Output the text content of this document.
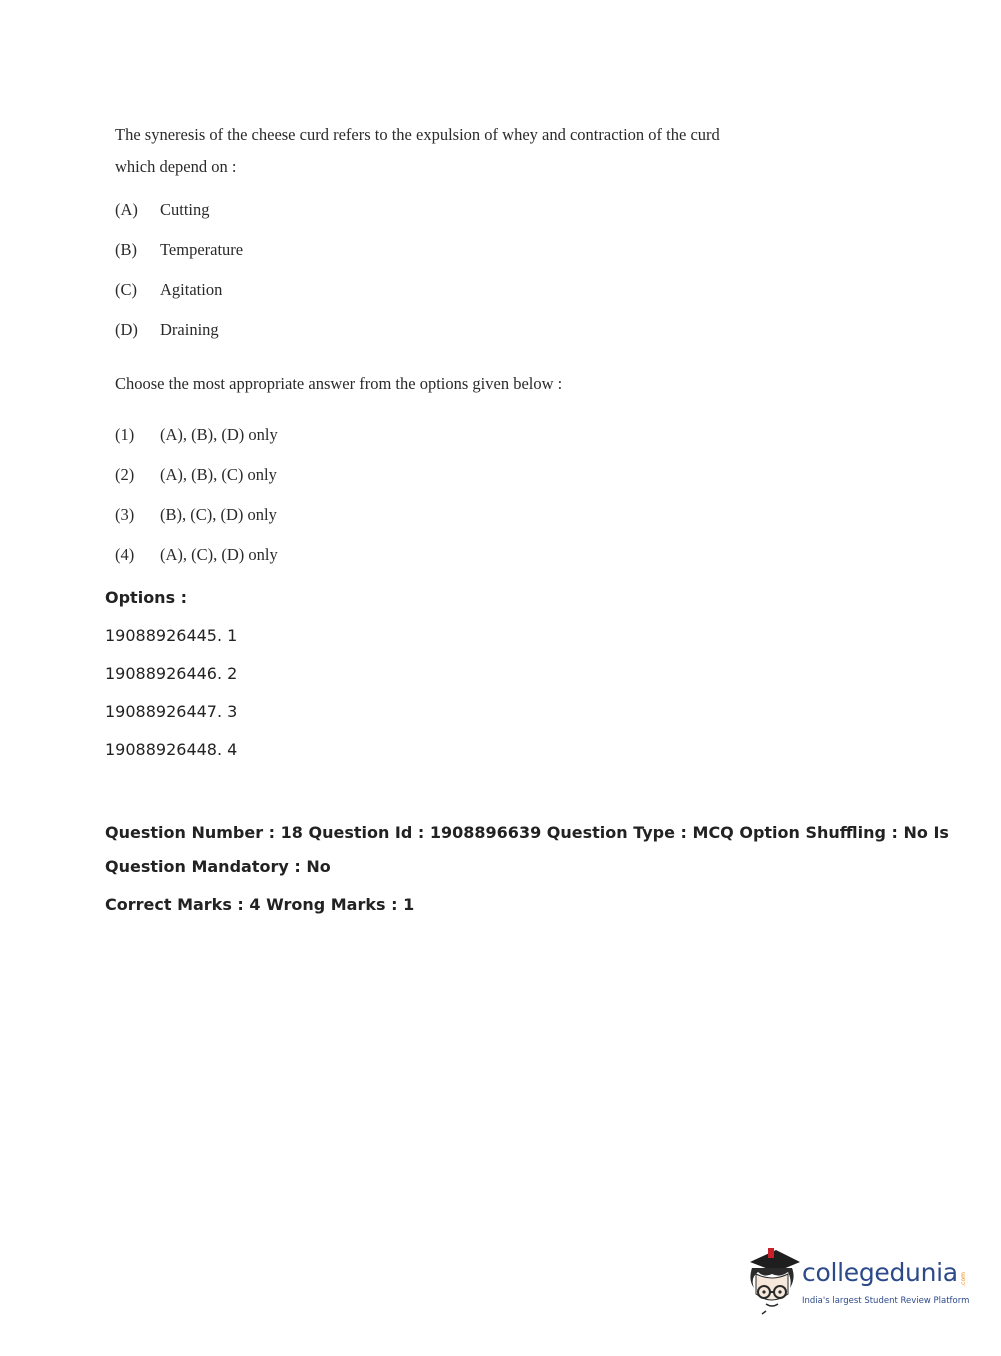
The syneresis of the cheese curd refers to the expulsion of whey and contraction of the curd
which depend on :
(A) Cutting
(B) Temperature
(C) Agitation
(D) Draining
Choose the most appropriate answer from the options given below :
(1) (A), (B), (D) only
(2) (A), (B), (C) only
(3) (B), (C), (D) only
(4) (A), (C), (D) only
Options :
19088926445. 1
19088926446. 2
19088926447. 3
19088926448. 4
Question Number : 18 Question Id : 1908896639 Question Type : MCQ Option Shuffling : No Is
Question Mandatory : No
Correct Marks : 4 Wrong Marks : 1
collegedunia .com
India's largest Student Review Platform
